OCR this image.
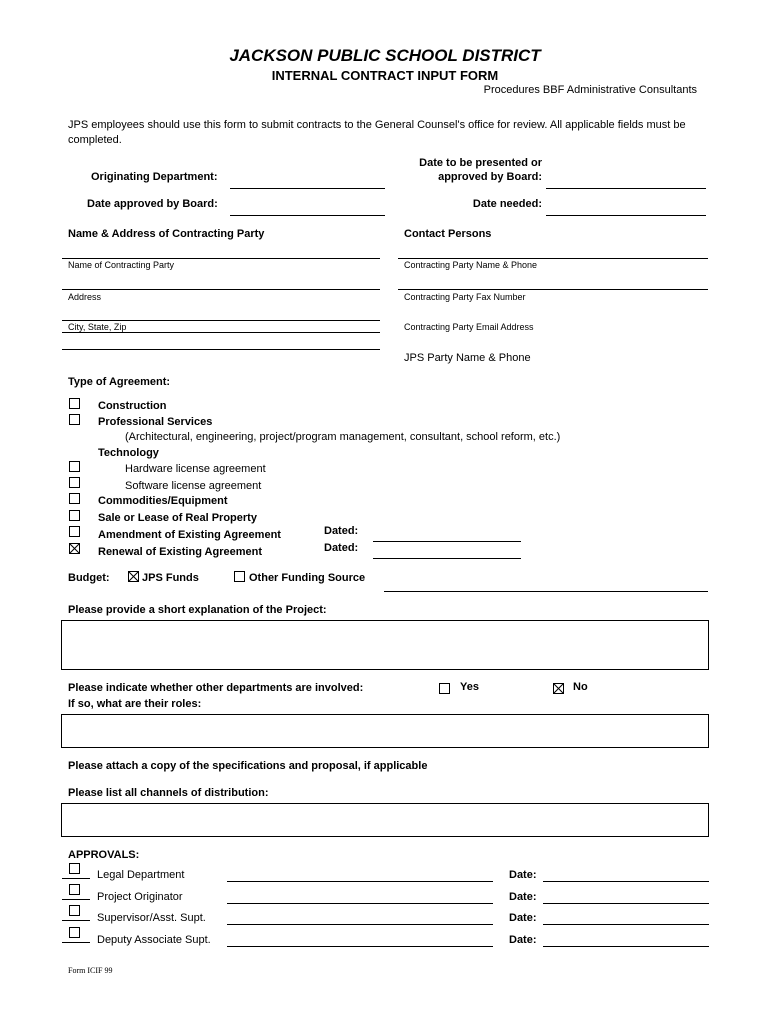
JACKSON PUBLIC SCHOOL DISTRICT
INTERNAL CONTRACT INPUT FORM
Procedures BBF Administrative Consultants
JPS employees should use this form to submit contracts to the General Counsel's office for review. All applicable fields must be completed.
Originating Department:
Date to be presented or
approved by Board:
Date approved by Board:	Date needed:
Name & Address of Contracting Party
Name of Contracting Party
Address
City, State, Zip
Contact Persons
Contracting Party Name & Phone
Contracting Party Fax Number
Contracting Party Email Address
JPS Party Name & Phone
Type of Agreement:
Construction
Professional Services
(Architectural, engineering, project/program management, consultant, school reform, etc.)
Technology
Hardware license agreement
Software license agreement
Commodities/Equipment
Sale or Lease of Real Property
Amendment of Existing Agreement	Dated:
Renewal of Existing Agreement	Dated:
Budget:	JPS Funds	Other Funding Source
Please provide a short explanation of the Project:
Please indicate whether other departments are involved:
If so, what are their roles:
Yes	No
Please attach a copy of the specifications and proposal, if applicable
Please list all channels of distribution:
APPROVALS:
Legal Department	Date:
Project Originator	Date:
Supervisor/Asst. Supt.	Date:
Deputy Associate Supt.	Date:
Form ICIF 99
